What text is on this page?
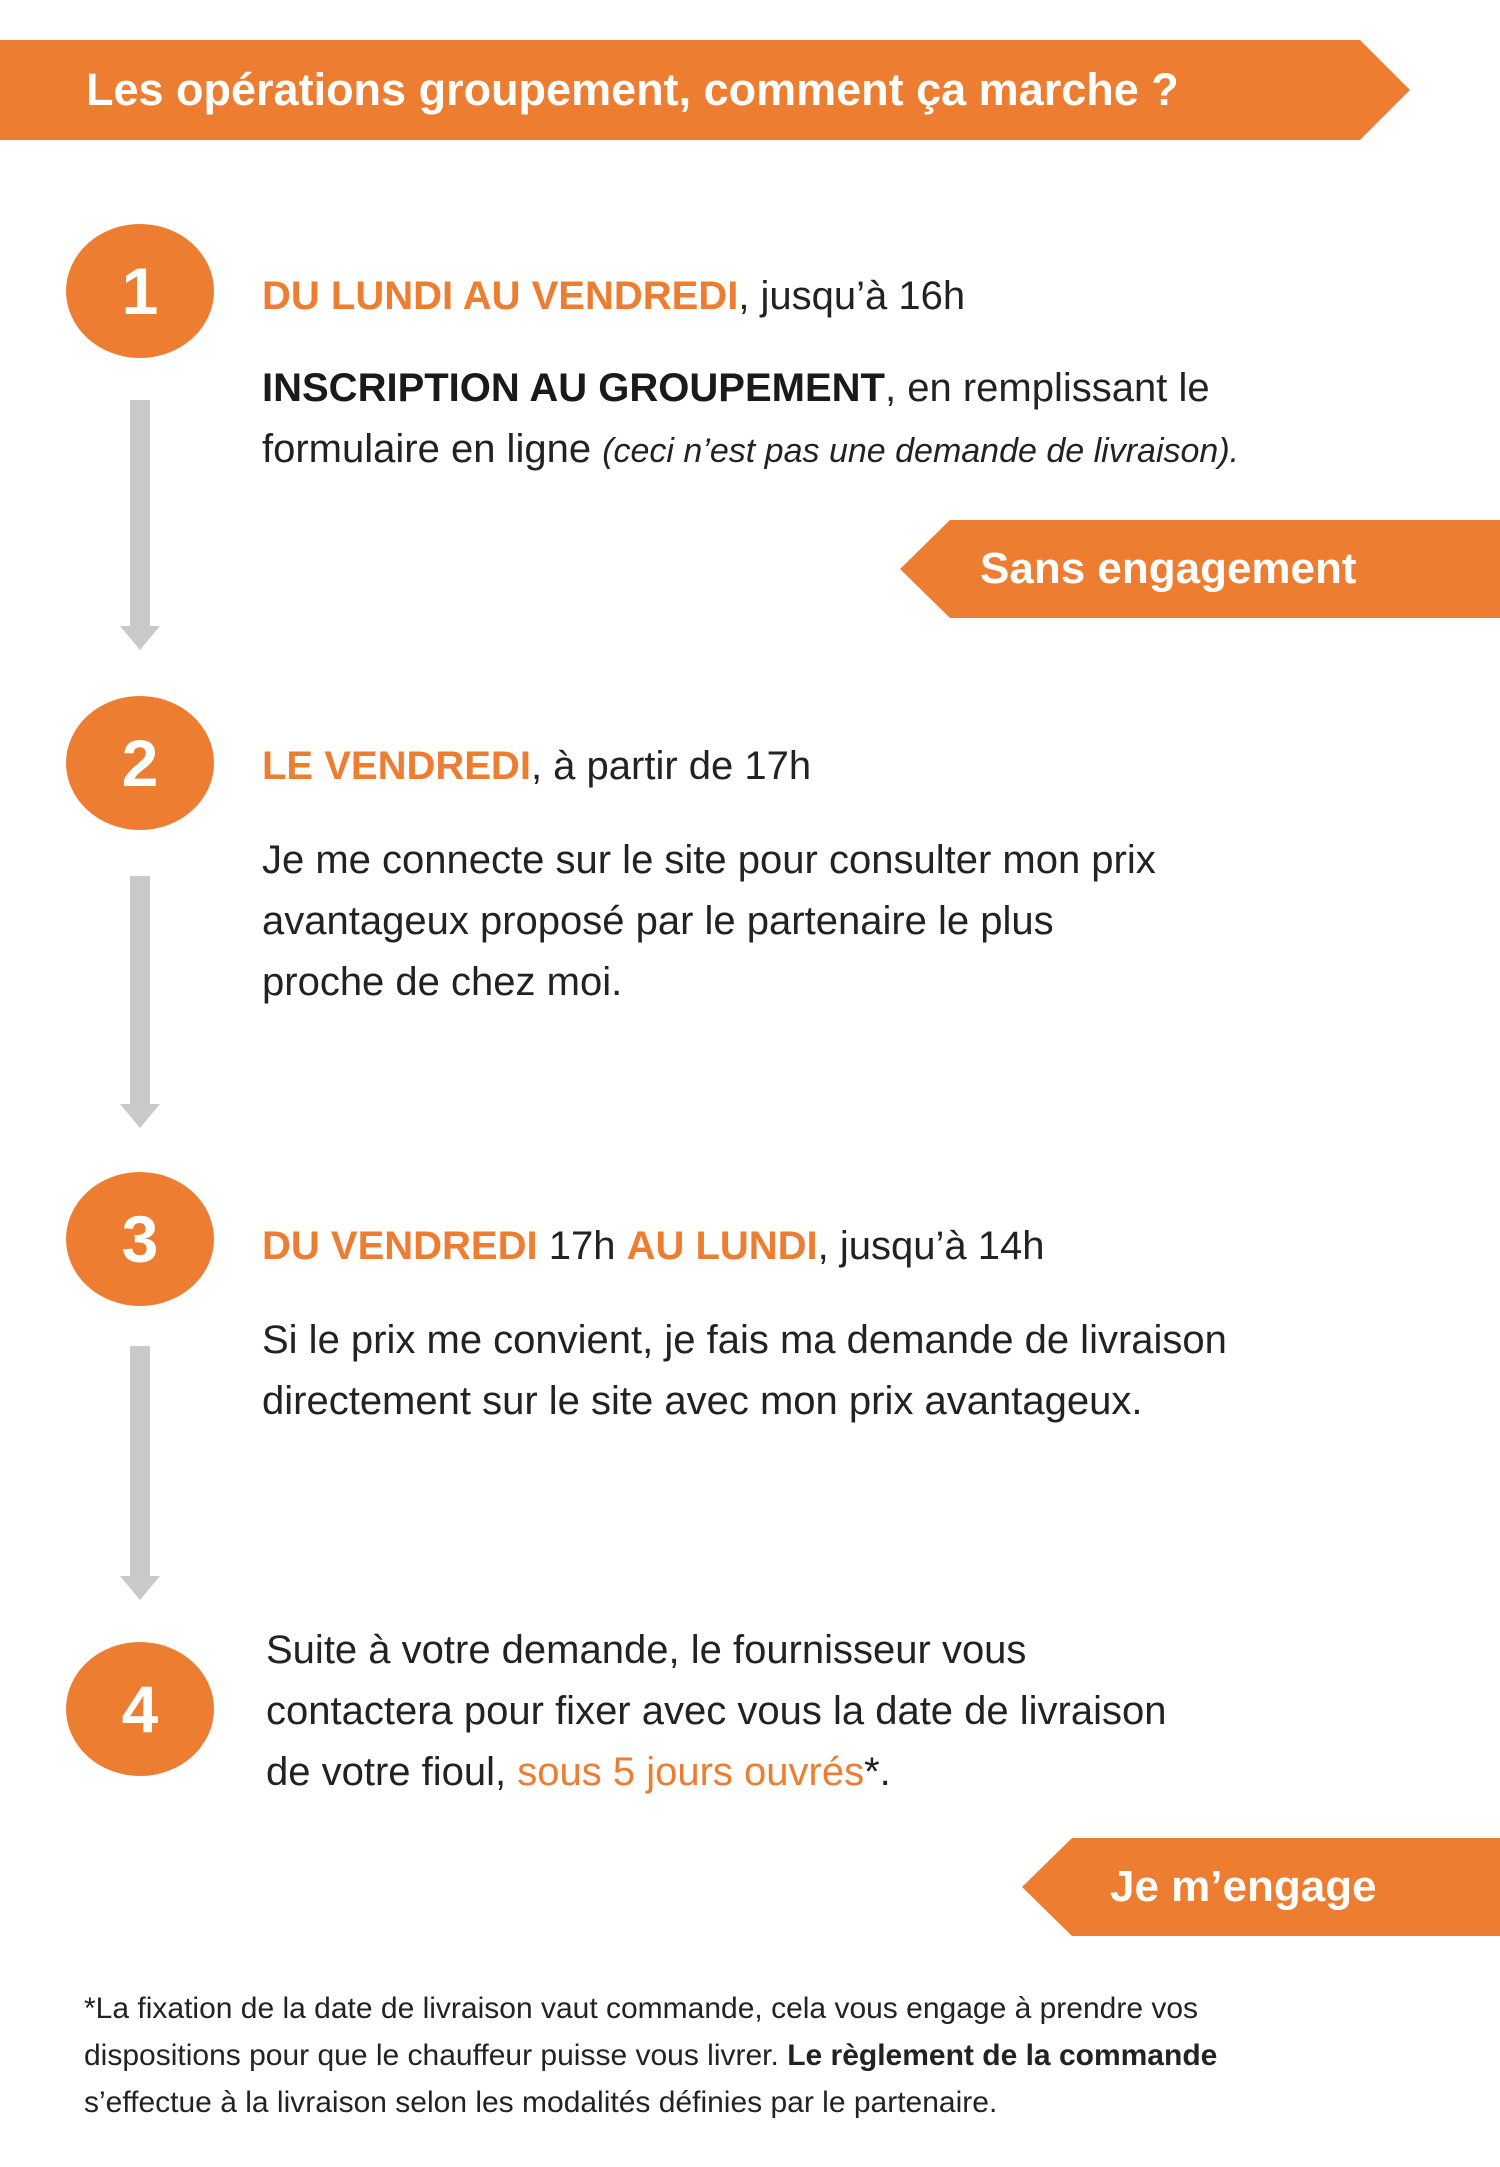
Les opérations groupement, comment ça marche ?
1	DU LUNDI AU VENDREDI, jusqu’à 16h
INSCRIPTION AU GROUPEMENT, en remplissant le
formulaire en ligne (ceci n’est pas une demande de livraison).
Sans engagement
2	LE VENDREDI, à partir de 17h
Je me connecte sur le site pour consulter mon prix
avantageux proposé par le partenaire le plus
proche de chez moi.
3	DU VENDREDI 17h AU LUNDI, jusqu’à 14h
Si le prix me convient, je fais ma demande de livraison
directement sur le site avec mon prix avantageux.
4
Suite à votre demande, le fournisseur vous
contactera pour fixer avec vous la date de livraison
de votre fioul, sous 5 jours ouvrés*.
Je m’engage
*La fixation de la date de livraison vaut commande, cela vous engage à prendre vos
dispositions pour que le chauffeur puisse vous livrer. Le règlement de la commande
s’effectue à la livraison selon les modalités définies par le partenaire.
